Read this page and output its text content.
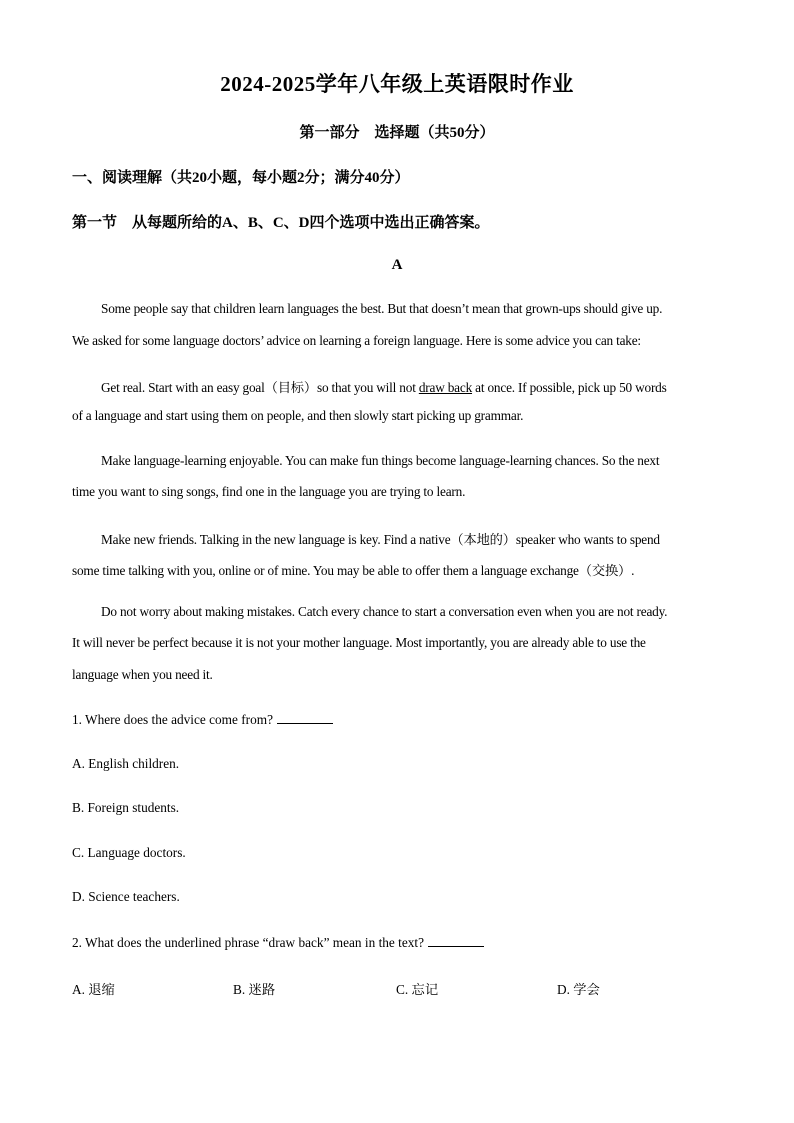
2024-2025学年八年级上英语限时作业
第一部分　选择题（共50分）
一、阅读理解（共20小题，每小题2分；满分40分）
第一节　从每题所给的A、B、C、D四个选项中选出正确答案。
A
Some people say that children learn languages the best. But that doesn’t mean that grown-ups should give up.
We asked for some language doctors’ advice on learning a foreign language. Here is some advice you can take:
Get real. Start with an easy goal（目标）so that you will not draw back at once. If possible, pick up 50 words
of a language and start using them on people, and then slowly start picking up grammar.
Make language-learning enjoyable. You can make fun things become language-learning chances. So the next
time you want to sing songs, find one in the language you are trying to learn.
Make new friends. Talking in the new language is key. Find a native（本地的）speaker who wants to spend
some time talking with you, online or of mine. You may be able to offer them a language exchange（交换）.
Do not worry about making mistakes. Catch every chance to start a conversation even when you are not ready.
It will never be perfect because it is not your mother language. Most importantly, you are already able to use the
language when you need it.
1. Where does the advice come from?
A. English children.
B. Foreign students.
C. Language doctors.
D. Science teachers.
2. What does the underlined phrase “draw back” mean in the text?
A. 退缩	B. 迷路	C. 忘记	D. 学会
